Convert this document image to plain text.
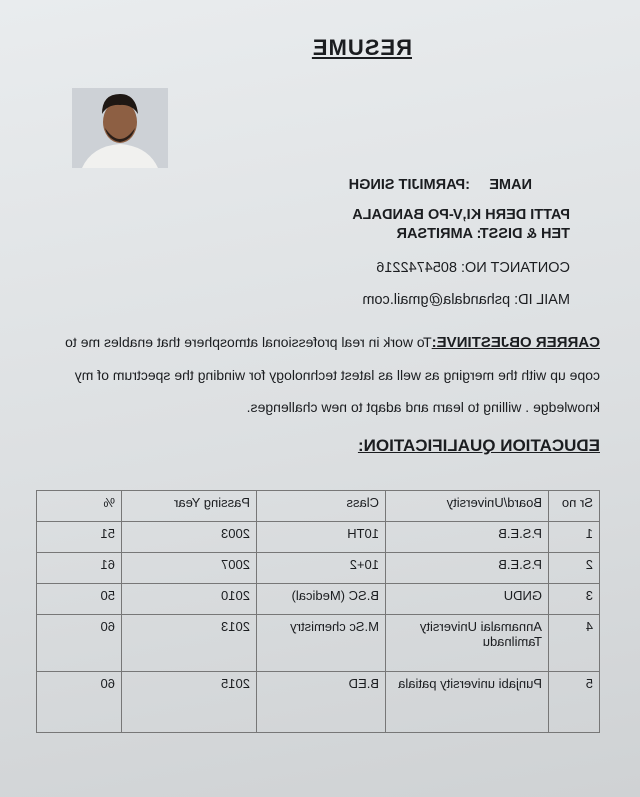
RESUME
NAME
:PARMIJIT SINGH
PATTI DERH KI,V-PO BANDALA
TEH & DISST: AMRITSAR
CONTANCT NO: 8054742216
MAIL ID: pshandala@gmail.com
CARRER OBJESTINVE:To work in real professional atmosphere that enables me to cope up with the merging as well as latest technology for winding the spectrum of my knowledge . willing to learn and adapt to new challenges.
EDUCATION QUALIFICATION:
Sr no	Board/University	Class	Passing Year	%
1	P.S.E.B	10TH	2003	51
2	P.S.E.B	10+2	2007	61
3	GNDU	B.SC (Medical)	2010	50
4	Annamalai University Tamilnadu	M.Sc chemistry	2013	60
5	Punjabi university patiala	B.ED	2015	60
